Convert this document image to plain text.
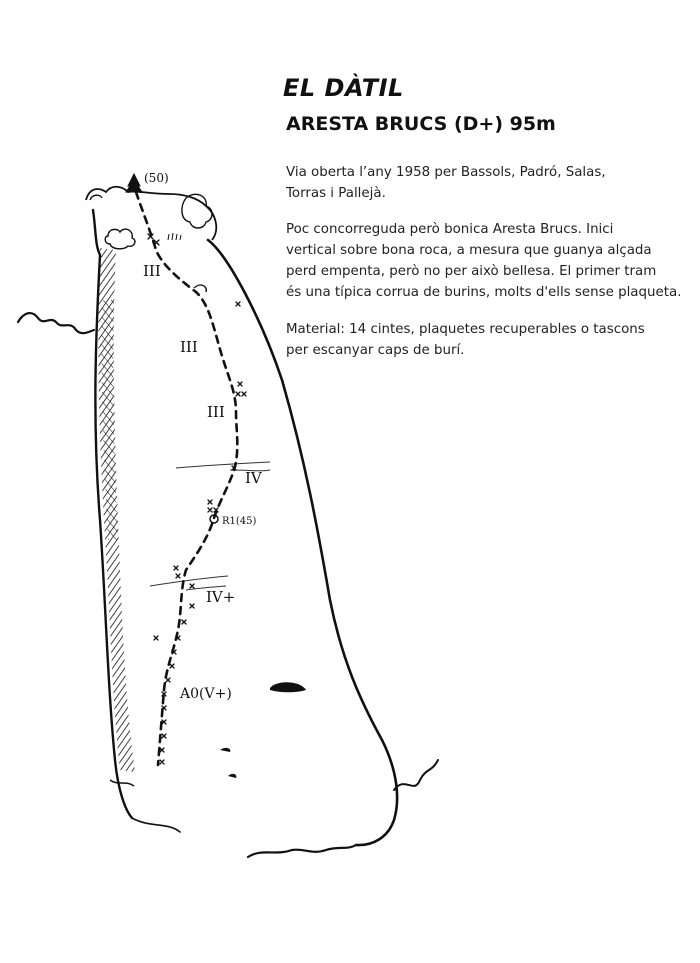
(50)
R1(45)
III
III
III
IV
IV+
A0(V+)
EL DÀTIL
ARESTA BRUCS (D+) 95m

Via oberta l’any 1958 per Bassols, Padró, Salas,
Torras i Pallejà.

Poc concorreguda però bonica Aresta Brucs. Inici
vertical sobre bona roca, a mesura que guanya alçada
perd empenta, però no per això bellesa. El primer tram
és una típica corrua de burins, molts d'ells sense plaqueta.

Material: 14 cintes, plaquetes recuperables o tascons
per escanyar caps de burí.
